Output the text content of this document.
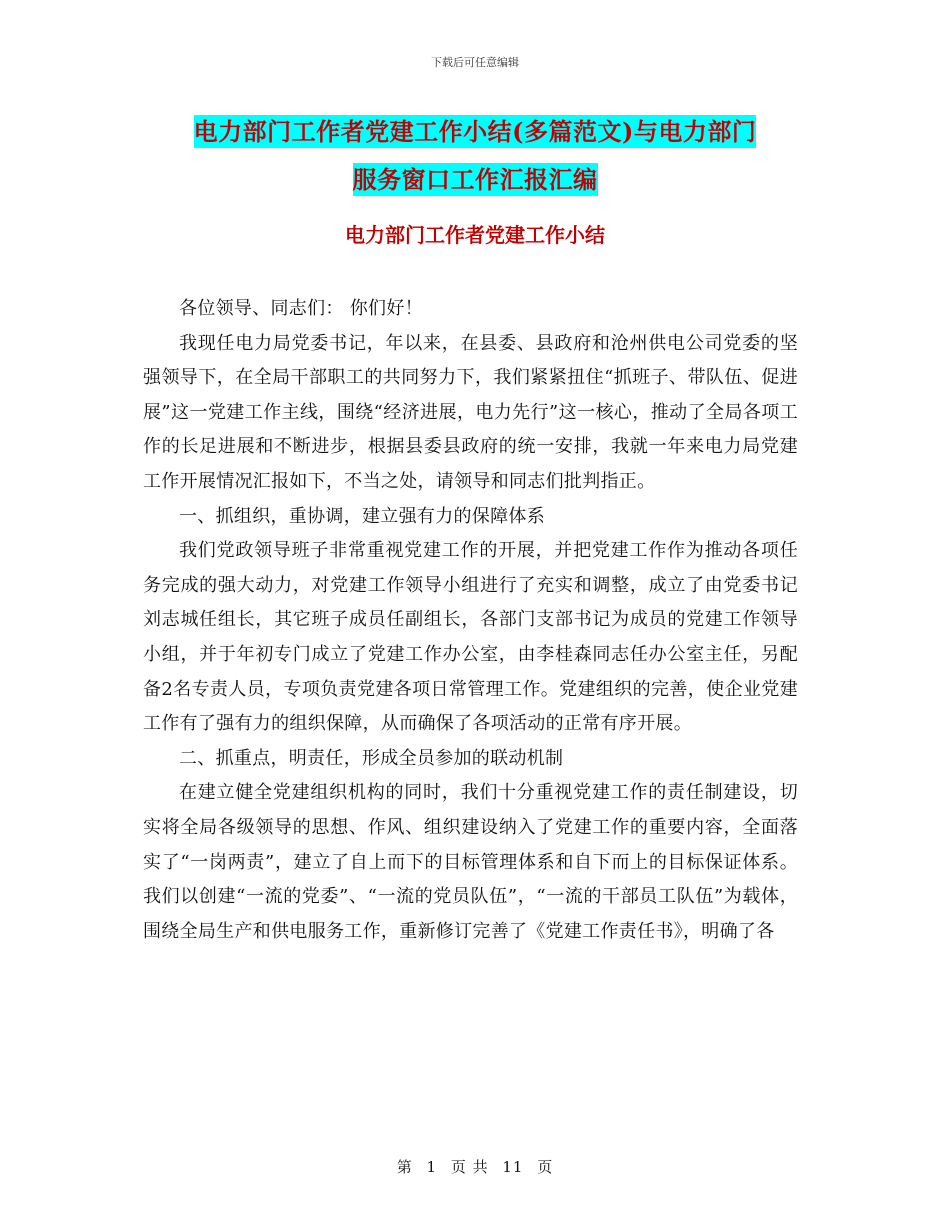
下载后可任意编辑
电力部门工作者党建工作小结(多篇范文)与电力部门
服务窗口工作汇报汇编
电力部门工作者党建工作小结

各位领导、同志们： 你们好！

我现任电力局党委书记，年以来，在县委、县政府和沧州供电公司党委的坚强领导下，在全局干部职工的共同努力下，我们紧紧扭住“抓班子、带队伍、促进展”这一党建工作主线，围绕“经济进展，电力先行”这一核心，推动了全局各项工作的长足进展和不断进步，根据县委县政府的统一安排，我就一年来电力局党建工作开展情况汇报如下，不当之处，请领导和同志们批判指正。

一、抓组织，重协调，建立强有力的保障体系

我们党政领导班子非常重视党建工作的开展，并把党建工作作为推动各项任务完成的强大动力，对党建工作领导小组进行了充实和调整，成立了由党委书记刘志城任组长，其它班子成员任副组长，各部门支部书记为成员的党建工作领导小组，并于年初专门成立了党建工作办公室，由李桂森同志任办公室主任，另配备2名专责人员，专项负责党建各项日常管理工作。党建组织的完善，使企业党建工作有了强有力的组织保障，从而确保了各项活动的正常有序开展。

二、抓重点，明责任，形成全员参加的联动机制

在建立健全党建组织机构的同时，我们十分重视党建工作的责任制建设，切实将全局各级领导的思想、作风、组织建设纳入了党建工作的重要内容，全面落实了“一岗两责”，建立了自上而下的目标管理体系和自下而上的目标保证体系。我们以创建“一流的党委”、“一流的党员队伍”，“一流的干部员工队伍”为载体，围绕全局生产和供电服务工作，重新修订完善了《党建工作责任书》，明确了各

第 1 页 共 11 页
